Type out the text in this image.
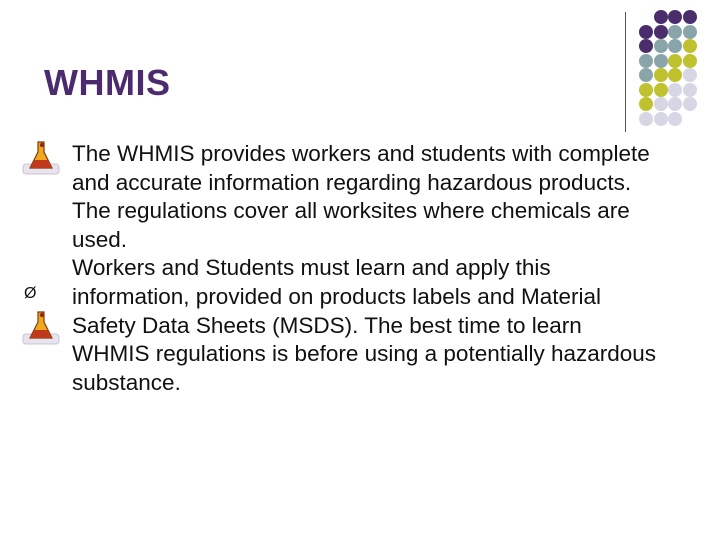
WHMIS
Ø

The WHMIS provides workers and students with complete and accurate information regarding hazardous products. The regulations cover all worksites where chemicals are used.

Workers and Students must learn and apply this information, provided on products labels and Material Safety Data Sheets (MSDS). The best time to learn WHMIS regulations is before using a potentially hazardous substance.
